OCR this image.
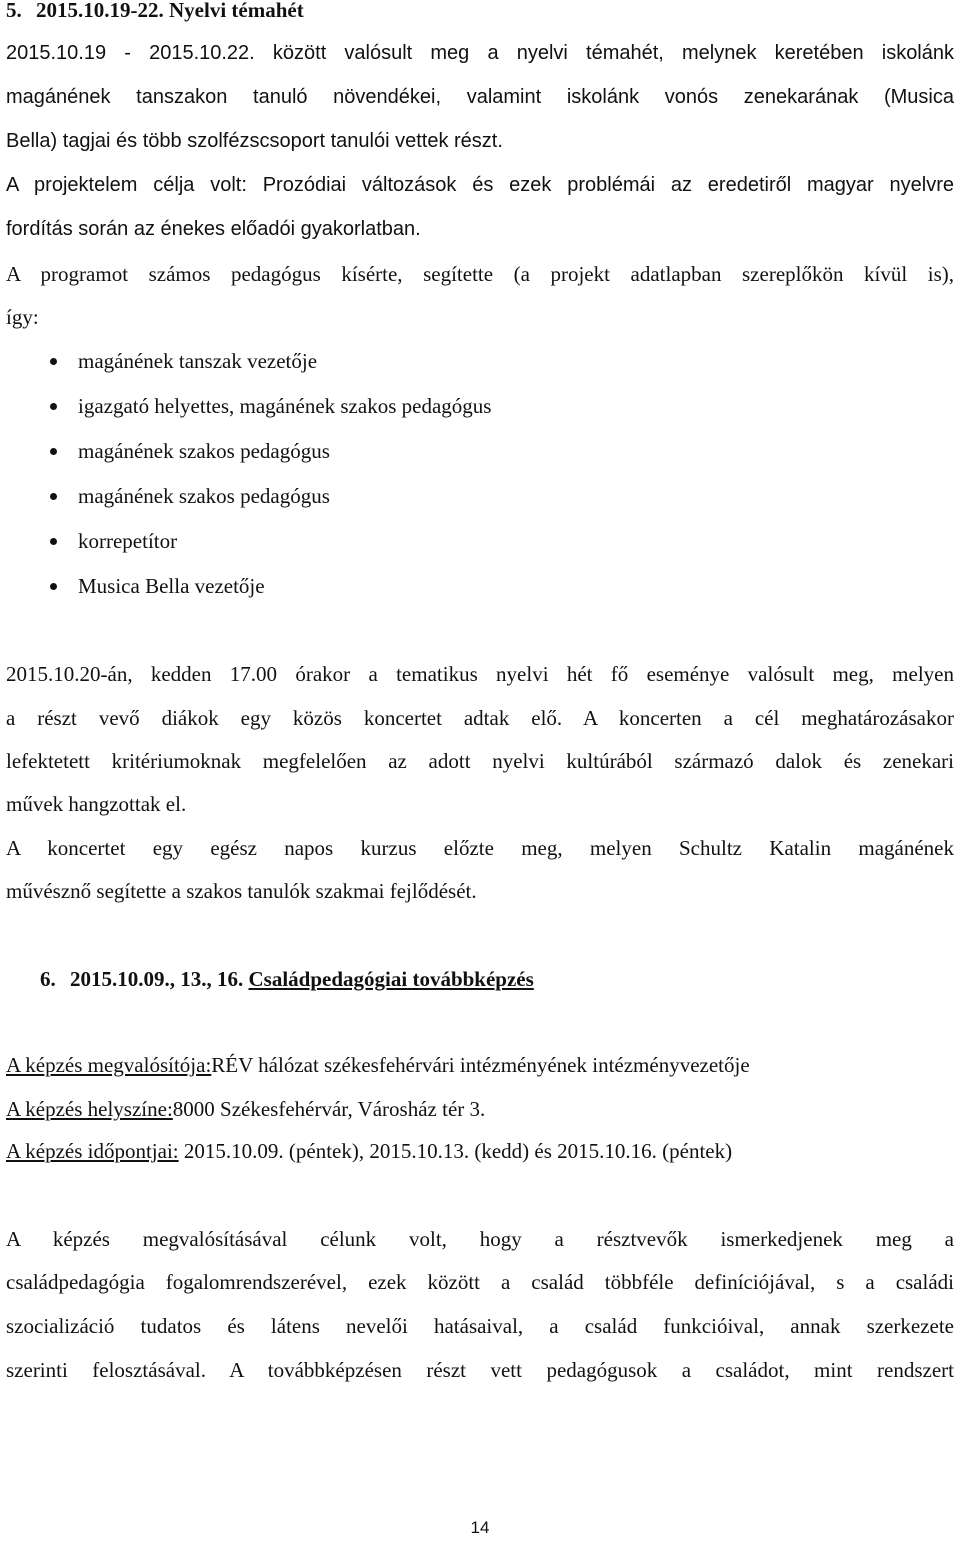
5. 2015.10.19-22. Nyelvi témahét
2015.10.19 - 2015.10.22. között valósult meg a nyelvi témahét, melynek keretében iskolánk
magánének tanszakon tanuló növendékei, valamint iskolánk vonós zenekarának (Musica
Bella) tagjai és több szolfézscsoport tanulói vettek részt.
A projektelem célja volt: Prozódiai változások és ezek problémái az eredetiről magyar nyelvre
fordítás során az énekes előadói gyakorlatban.
A programot számos pedagógus kísérte, segítette (a projekt adatlapban szereplőkön kívül is),
így:
magánének tanszak vezetője
igazgató helyettes, magánének szakos pedagógus
magánének szakos pedagógus
magánének szakos pedagógus
korrepetítor
Musica Bella vezetője
2015.10.20-án, kedden 17.00 órakor a tematikus nyelvi hét fő eseménye valósult meg, melyen
a részt vevő diákok egy közös koncertet adtak elő. A koncerten a cél meghatározásakor
lefektetett kritériumoknak megfelelően az adott nyelvi kultúrából származó dalok és zenekari
művek hangzottak el.
A koncertet egy egész napos kurzus előzte meg, melyen Schultz Katalin magánének
művésznő segítette a szakos tanulók szakmai fejlődését.
6. 2015.10.09., 13., 16. Családpedagógiai továbbképzés
A képzés megvalósítója:RÉV hálózat székesfehérvári intézményének intézményvezetője
A képzés helyszíne:8000 Székesfehérvár, Városház tér 3.
A képzés időpontjai: 2015.10.09. (péntek), 2015.10.13. (kedd) és 2015.10.16. (péntek)
A képzés megvalósításával célunk volt, hogy a résztvevők ismerkedjenek meg a
családpedagógia fogalomrendszerével, ezek között a család többféle definíciójával, s a családi
szocializáció tudatos és látens nevelői hatásaival, a család funkcióival, annak szerkezete
szerinti felosztásával. A továbbképzésen részt vett pedagógusok a családot, mint rendszert
14
